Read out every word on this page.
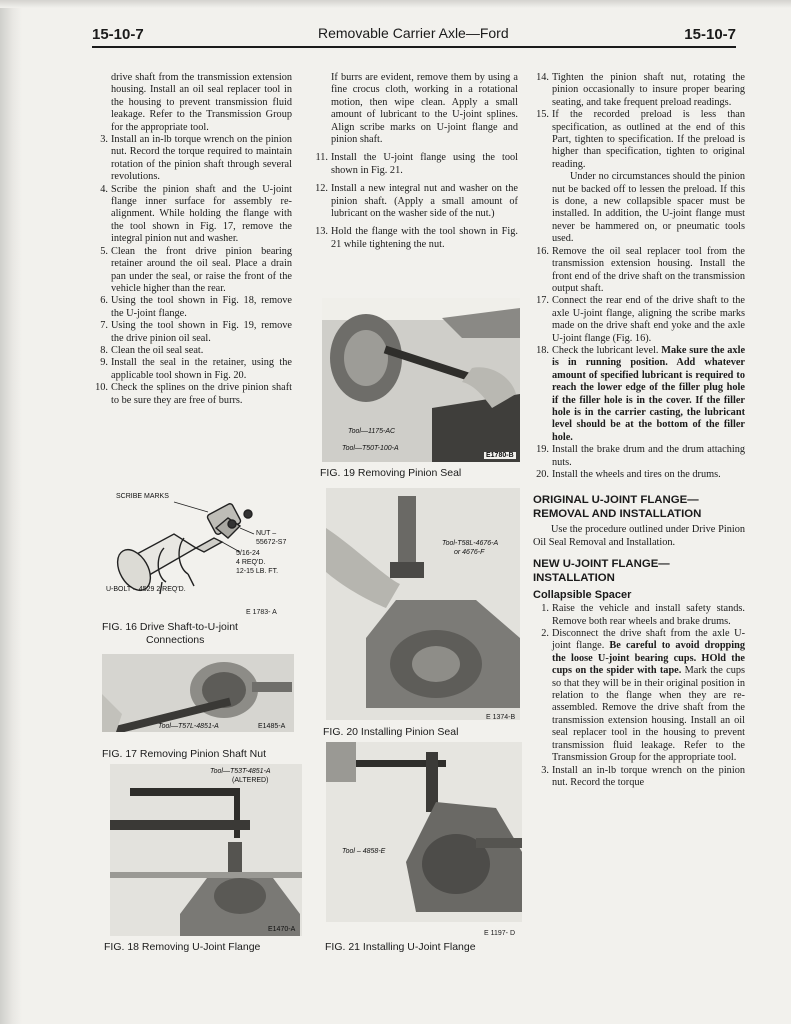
15-10-7	Removable Carrier Axle—Ford	15-10-7

drive shaft from the transmission extension housing. Install an oil seal replacer tool in the housing to prevent transmission fluid leakage. Refer to the Transmission Group for the appropriate tool.

3. Install an in-lb torque wrench on the pinion nut. Record the torque required to maintain rotation of the pinion shaft through several revolutions.
4. Scribe the pinion shaft and the U-joint flange inner surface for assembly re-alignment. While holding the flange with the tool shown in Fig. 17, remove the integral pinion nut and washer.
5. Clean the front drive pinion bearing retainer around the oil seal. Place a drain pan under the seal, or raise the front of the vehicle higher than the rear.
6. Using the tool shown in Fig. 18, remove the U-joint flange.
7. Using the tool shown in Fig. 19, remove the drive pinion oil seal.
8. Clean the oil seal seat.
9. Install the seal in the retainer, using the applicable tool shown in Fig. 20.
10. Check the splines on the drive pinion shaft to be sure they are free of burrs.
SCRIBE MARKS
NUT –
55672-S7
5/16-24
4 REQ'D.
12-15 LB. FT.
U-BOLT – 4529 2 REQ'D.
E 1783- A
FIG. 16 Drive Shaft-to-U-joint
Connections
Tool—T57L-4851-A	E1485-A
FIG. 17 Removing Pinion Shaft Nut
Tool—T53T-4851-A
(ALTERED)
E1470-A
FIG. 18 Removing U-Joint Flange

If burrs are evident, remove them by using a fine crocus cloth, working in a rotational motion, then wipe clean. Apply a small amount of lubricant to the U-joint splines. Align scribe marks on U-joint flange and pinion shaft.

11. Install the U-joint flange using the tool shown in Fig. 21.
12. Install a new integral nut and washer on the pinion shaft. (Apply a small amount of lubricant on the washer side of the nut.)
13. Hold the flange with the tool shown in Fig. 21 while tightening the nut.
Tool—1175-AC
Tool—T50T-100-A
E1780-B
FIG. 19 Removing Pinion Seal
Tool-T58L-4676-A
or 4676-F
E 1374-B
FIG. 20 Installing Pinion Seal
Tool – 4858-E
E 1197- D
FIG. 21 Installing U-Joint Flange
14. Tighten the pinion shaft nut, rotating the pinion occasionally to insure proper bearing seating, and take frequent preload readings.
15. If the recorded preload is less than specification, as outlined at the end of this Part, tighten to specification. If the preload is higher than specification, tighten to original reading.

Under no circumstances should the pinion nut be backed off to lessen the preload. If this is done, a new collapsible spacer must be installed. In addition, the U-joint flange must never be hammered on, or pneumatic tools used.

16. Remove the oil seal replacer tool from the transmission extension housing. Install the front end of the drive shaft on the transmission output shaft.
17. Connect the rear end of the drive shaft to the axle U-joint flange, aligning the scribe marks made on the drive shaft end yoke and the axle U-joint flange (Fig. 16).
18. Check the lubricant level. Make sure the axle is in running position. Add whatever amount of specified lubricant is required to reach the lower edge of the filler plug hole if the filler hole is in the cover. If the filler hole is in the carrier casting, the lubricant level should be at the bottom of the filler hole.
19. Install the brake drum and the drum attaching nuts.
20. Install the wheels and tires on the drums.
ORIGINAL U-JOINT FLANGE—REMOVAL AND INSTALLATION

Use the procedure outlined under Drive Pinion Oil Seal Removal and Installation.

NEW U-JOINT FLANGE—INSTALLATION
Collapsible Spacer
1. Raise the vehicle and install safety stands. Remove both rear wheels and brake drums.
2. Disconnect the drive shaft from the axle U-joint flange. Be careful to avoid dropping the loose U-joint bearing cups. HOld the cups on the spider with tape. Mark the cups so that they will be in their original position in relation to the flange when they are re-assembled. Remove the drive shaft from the transmission extension housing. Install an oil seal replacer tool in the housing to prevent transmission fluid leakage. Refer to the Transmission Group for the appropriate tool.
3. Install an in-lb torque wrench on the pinion nut. Record the torque
